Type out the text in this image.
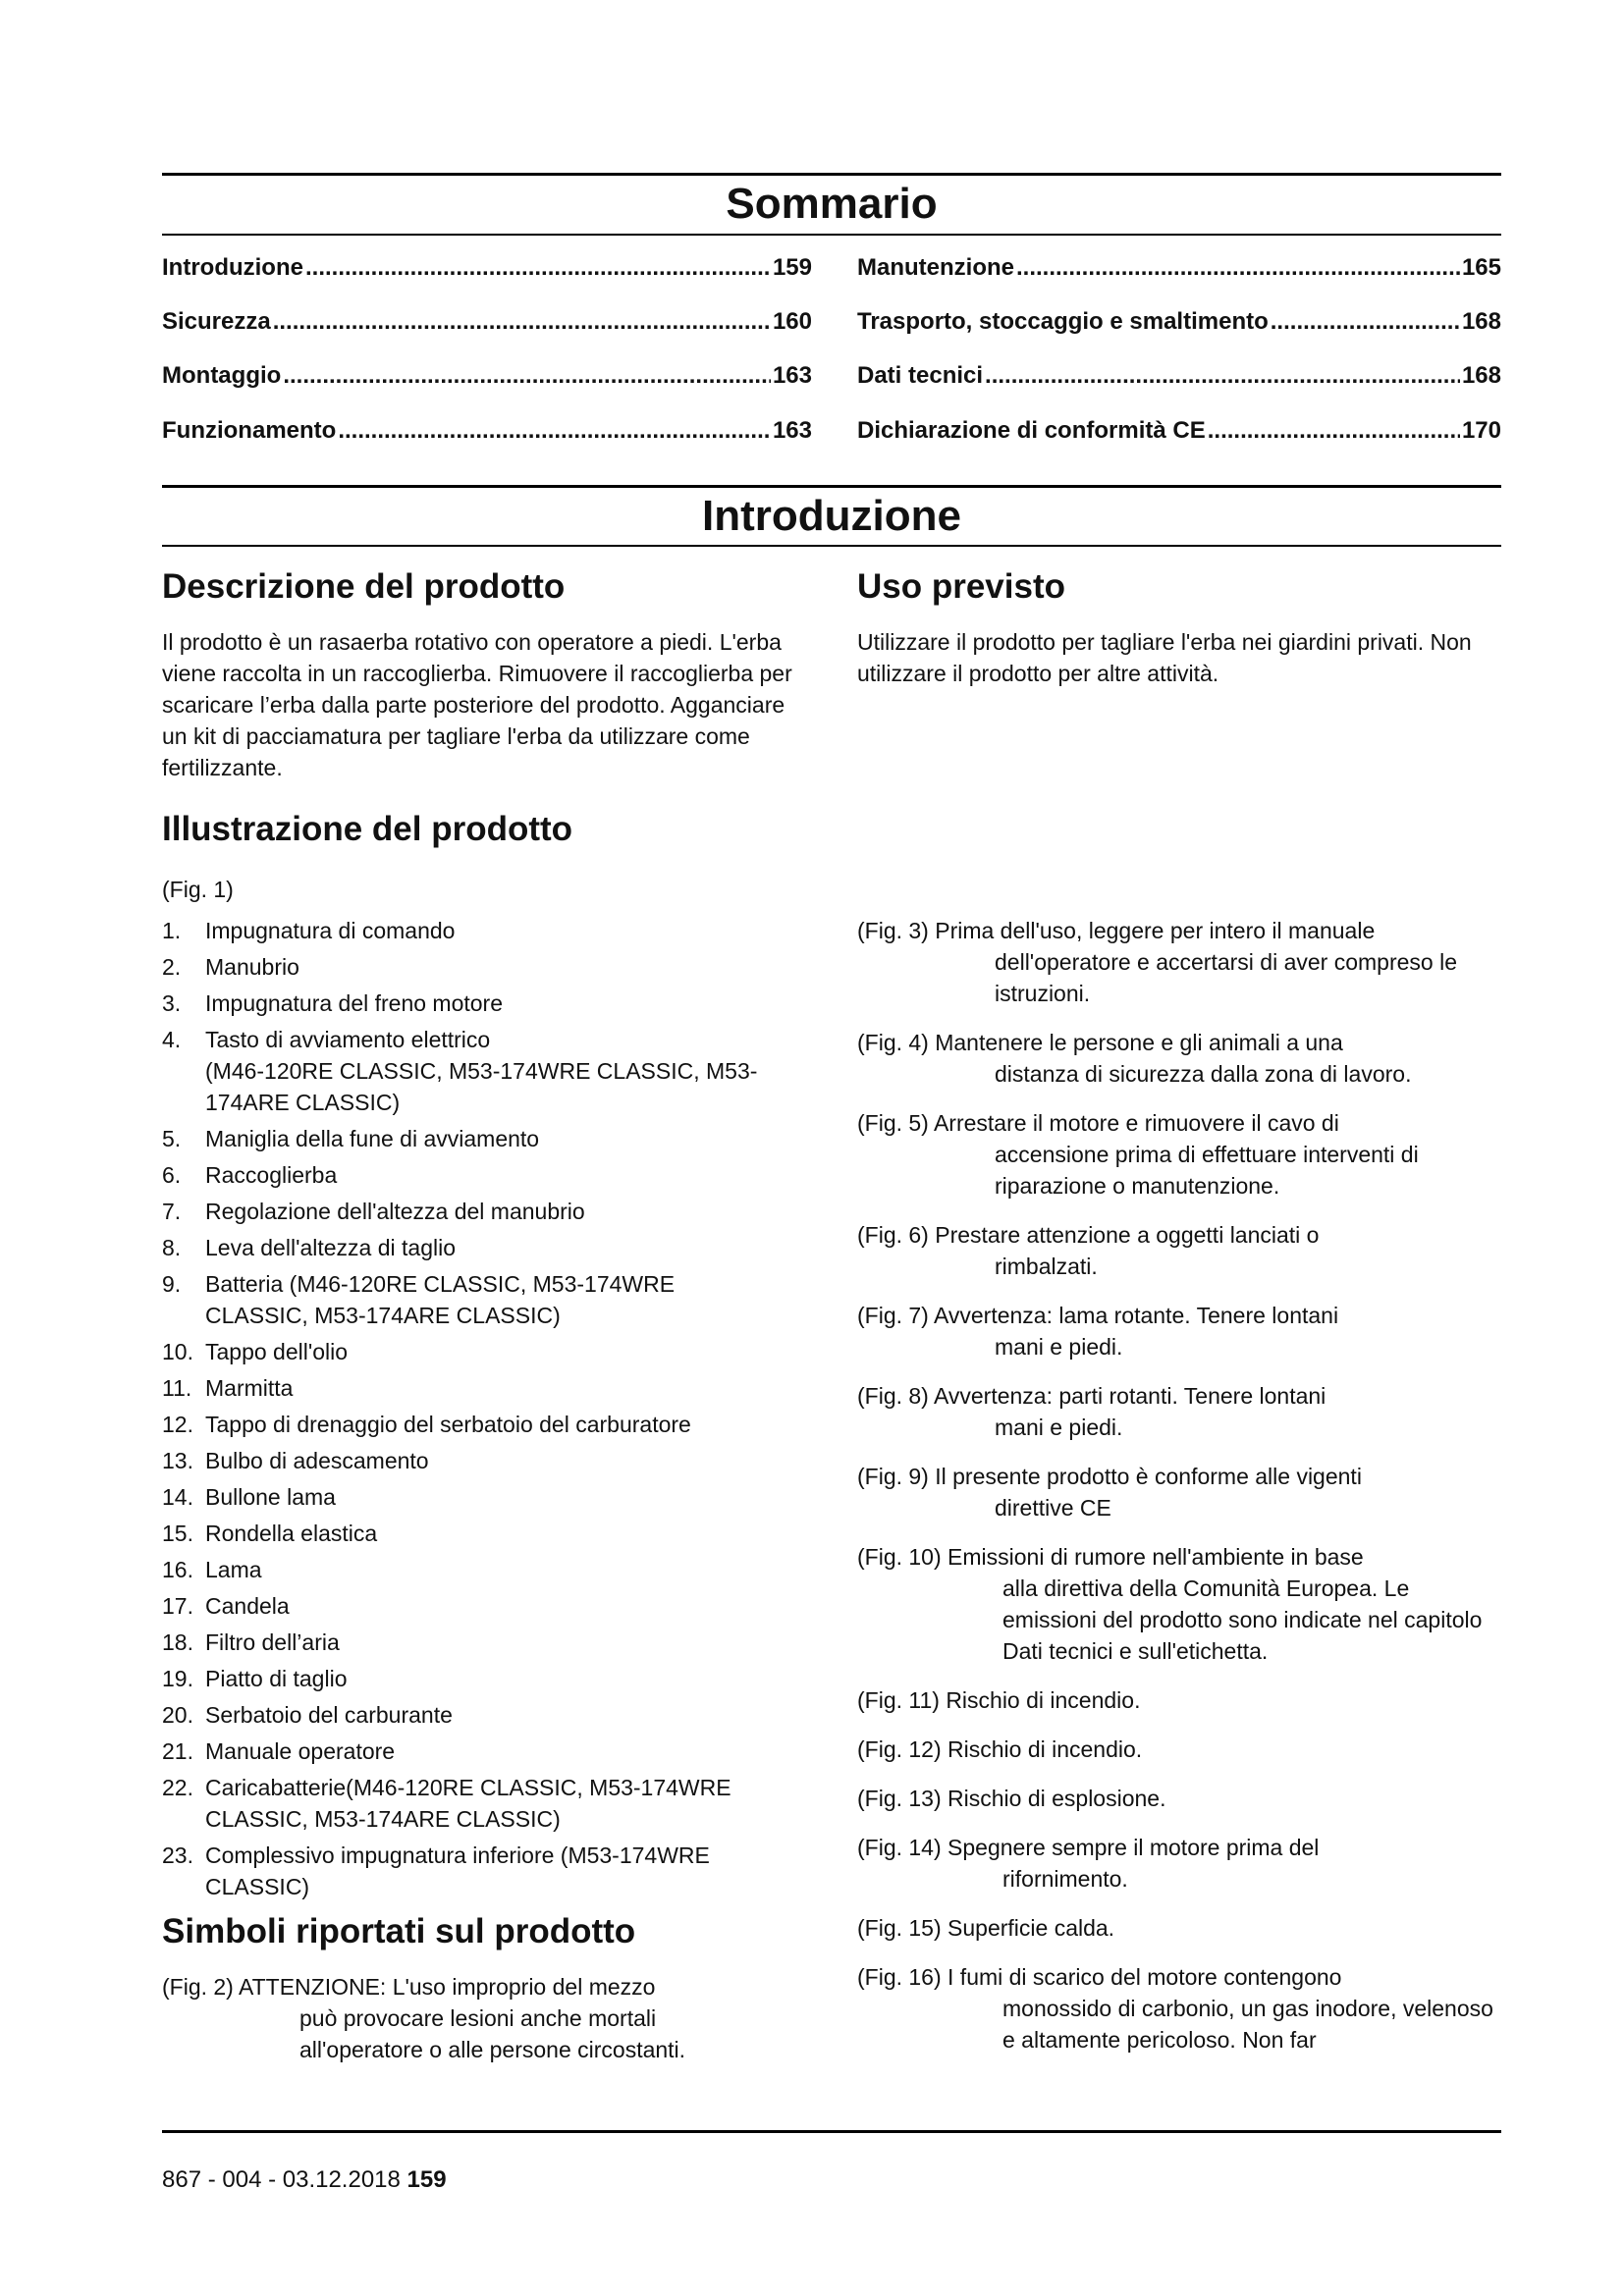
Sommario
Introduzione .....	159
Sicurezza .....	160
Montaggio .....	163
Funzionamento .....	163
Manutenzione .....	165
Trasporto, stoccaggio e smaltimento .....	168
Dati tecnici .....	168
Dichiarazione di conformità CE .....	170
Introduzione
Descrizione del prodotto

Il prodotto è un rasaerba rotativo con operatore a piedi. L'erba viene raccolta in un raccoglierba. Rimuovere il raccoglierba per scaricare l’erba dalla parte posteriore del prodotto. Agganciare un kit di pacciamatura per tagliare l'erba da utilizzare come fertilizzante.

Uso previsto

Utilizzare il prodotto per tagliare l'erba nei giardini privati. Non utilizzare il prodotto per altre attività.

Illustrazione del prodotto

(Fig. 1)

1. Impugnatura di comando
2. Manubrio
3. Impugnatura del freno motore
4. Tasto di avviamento elettrico
(M46-120RE CLASSIC, M53-174WRE CLASSIC, M53-174ARE CLASSIC)
5. Maniglia della fune di avviamento
6. Raccoglierba
7. Regolazione dell'altezza del manubrio
8. Leva dell'altezza di taglio
9. Batteria (M46-120RE CLASSIC, M53-174WRE
CLASSIC, M53-174ARE CLASSIC)
10. Tappo dell'olio
11. Marmitta
12. Tappo di drenaggio del serbatoio del carburatore
13. Bulbo di adescamento
14. Bullone lama
15. Rondella elastica
16. Lama
17. Candela
18. Filtro dell’aria
19. Piatto di taglio
20. Serbatoio del carburante
21. Manuale operatore
22. Caricabatterie(M46-120RE CLASSIC, M53-174WRE
CLASSIC, M53-174ARE CLASSIC)
23. Complessivo impugnatura inferiore (M53-174WRE
CLASSIC)
Simboli riportati sul prodotto
(Fig. 2) ATTENZIONE: L'uso improprio del mezzo
può provocare lesioni anche mortali all'operatore o alle persone circostanti.
(Fig. 3) Prima dell'uso, leggere per intero il manuale
dell'operatore e accertarsi di aver compreso le istruzioni.
(Fig. 4) Mantenere le persone e gli animali a una
distanza di sicurezza dalla zona di lavoro.
(Fig. 5) Arrestare il motore e rimuovere il cavo di
accensione prima di effettuare interventi di riparazione o manutenzione.
(Fig. 6) Prestare attenzione a oggetti lanciati o
rimbalzati.
(Fig. 7) Avvertenza: lama rotante. Tenere lontani
mani e piedi.
(Fig. 8) Avvertenza: parti rotanti. Tenere lontani
mani e piedi.
(Fig. 9) Il presente prodotto è conforme alle vigenti
direttive CE
(Fig. 10) Emissioni di rumore nell'ambiente in base
alla direttiva della Comunità Europea. Le emissioni del prodotto sono indicate nel capitolo Dati tecnici e sull'etichetta.
(Fig. 11) Rischio di incendio.
(Fig. 12) Rischio di incendio.
(Fig. 13) Rischio di esplosione.
(Fig. 14) Spegnere sempre il motore prima del
rifornimento.
(Fig. 15) Superficie calda.
(Fig. 16) I fumi di scarico del motore contengono
monossido di carbonio, un gas inodore, velenoso e altamente pericoloso. Non far
867 - 004 - 03.12.2018 159
